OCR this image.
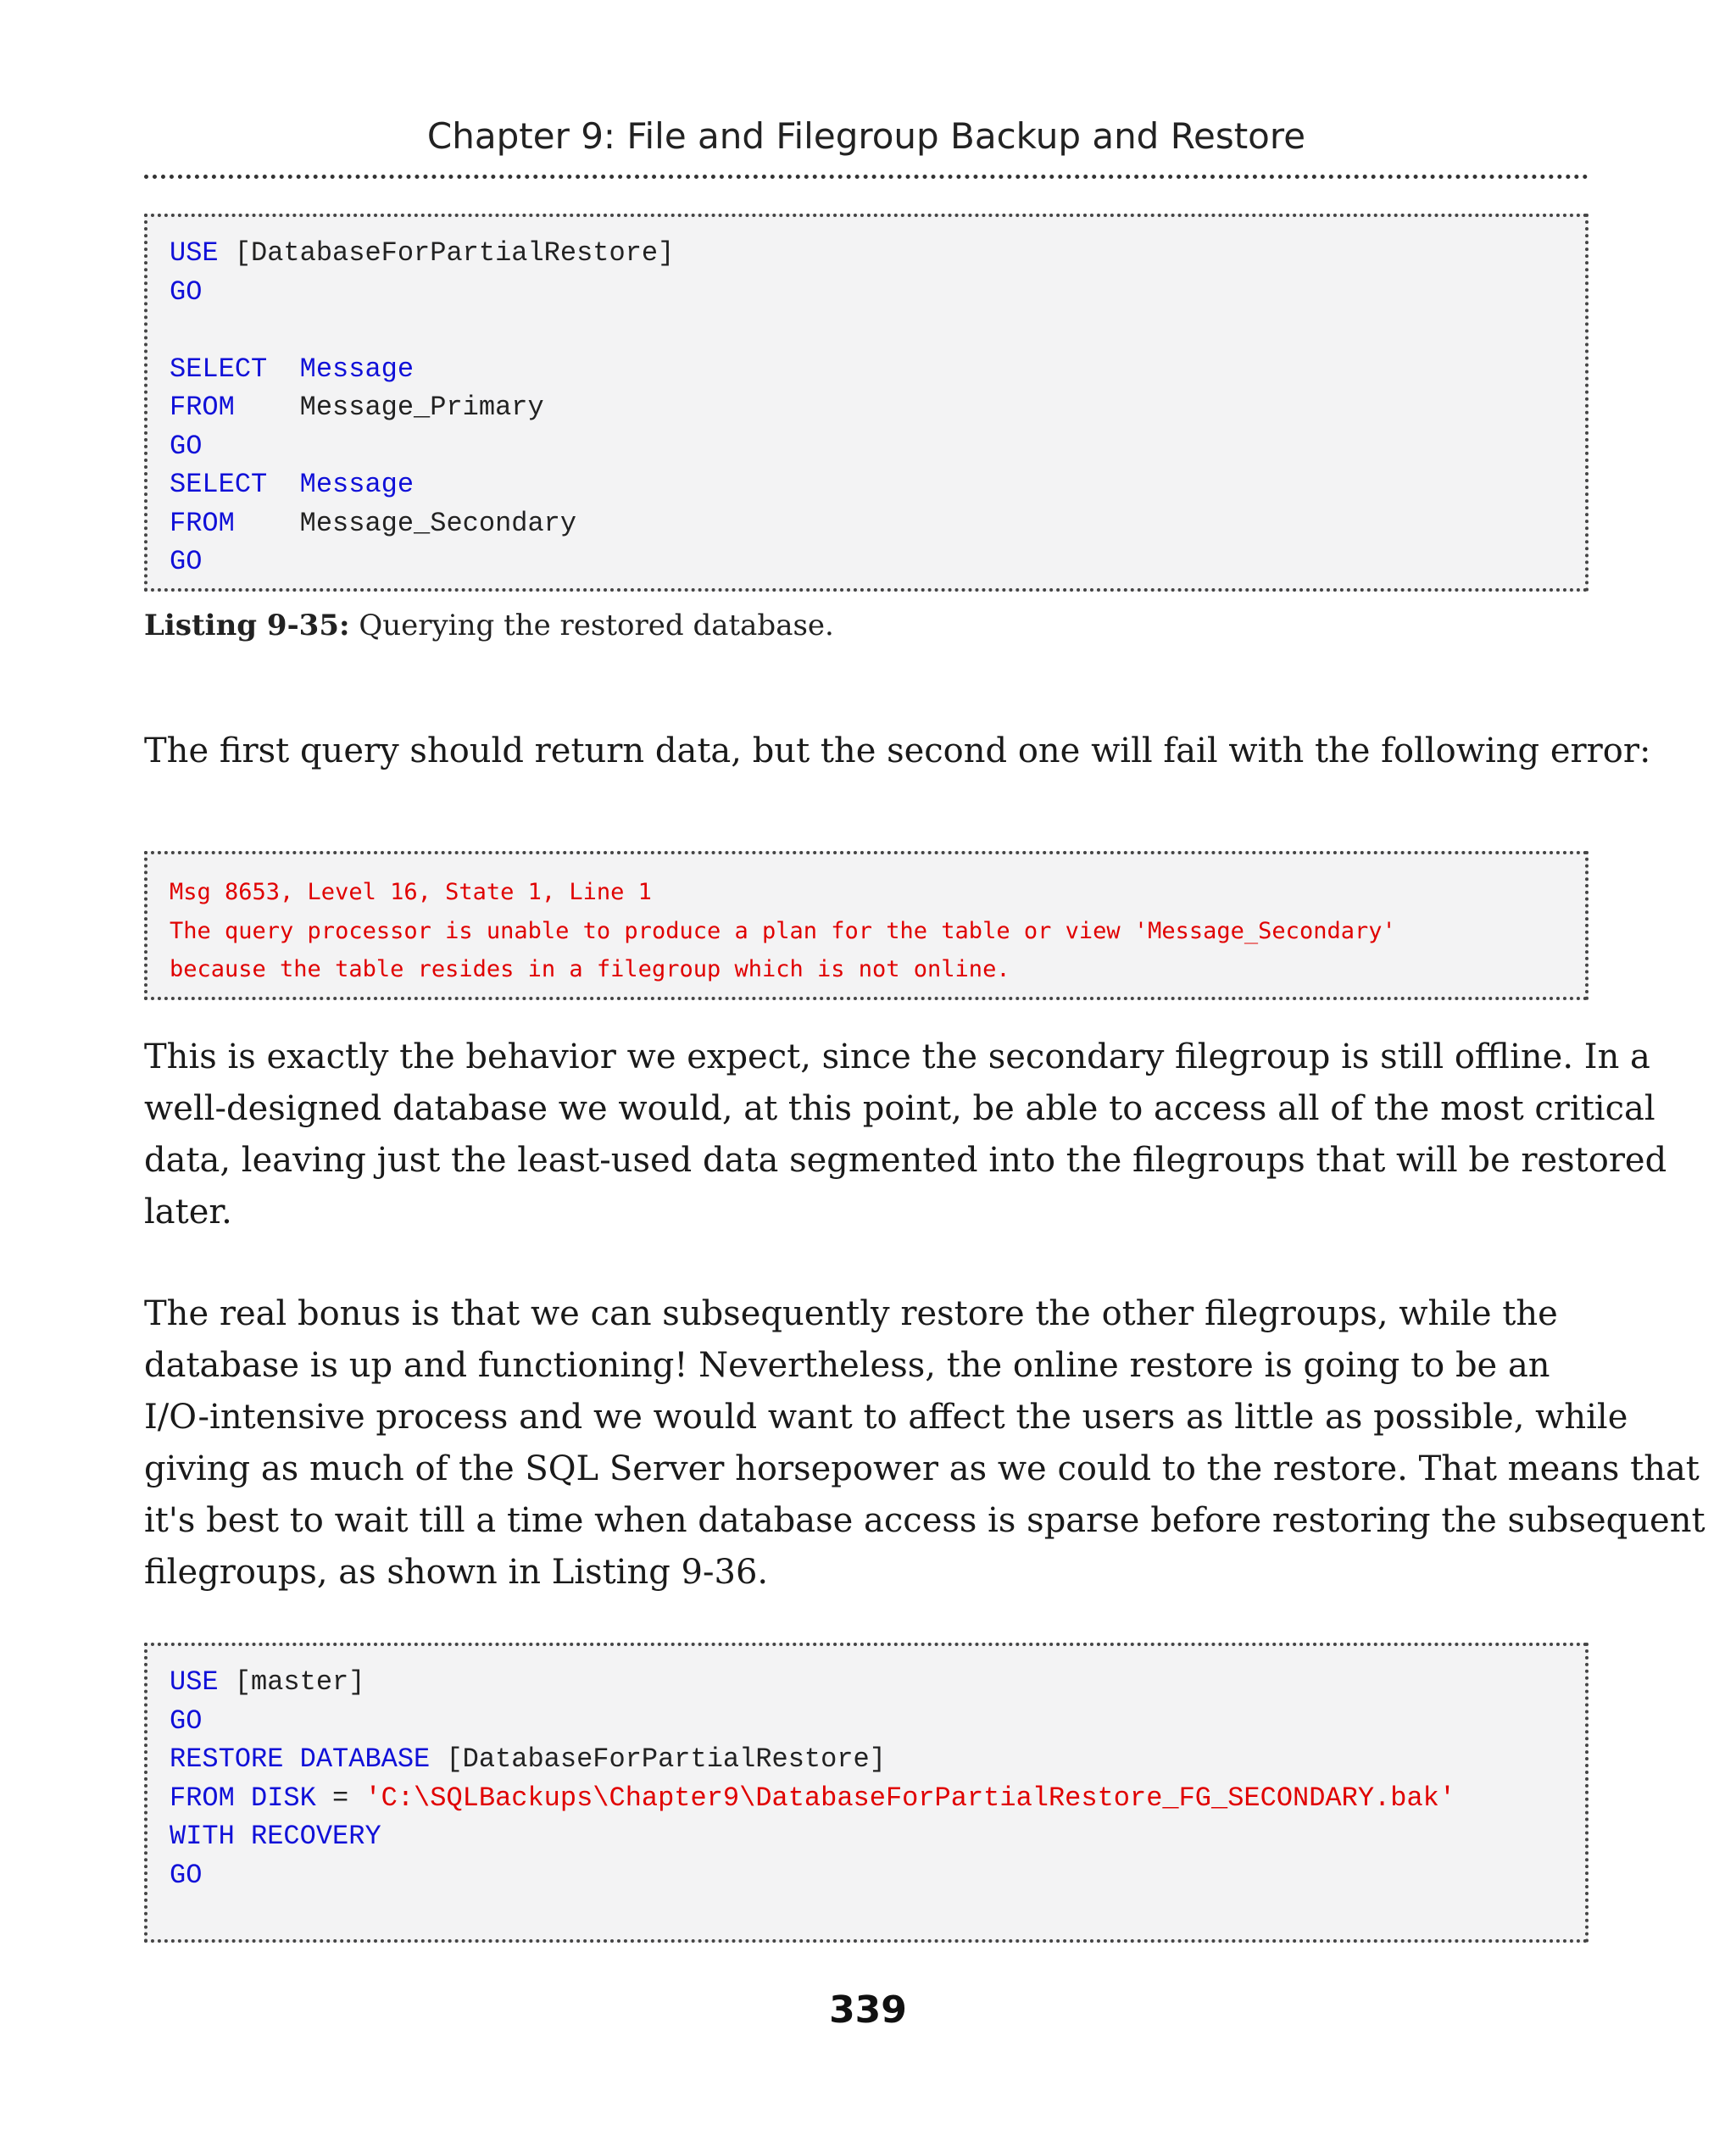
Chapter 9: File and Filegroup Backup and Restore
USE [DatabaseForPartialRestore]
GO
SELECT Message
FROM    Message_Primary
GO
SELECT Message
FROM    Message_Secondary
GO
Listing 9-35: Querying the restored database.
The first query should return data, but the second one will fail with the following error:
Msg 8653, Level 16, State 1, Line 1
The query processor is unable to produce a plan for the table or view 'Message_Secondary'
because the table resides in a filegroup which is not online.
This is exactly the behavior we expect, since the secondary filegroup is still offline. In a
well-designed database we would, at this point, be able to access all of the most critical
data, leaving just the least-used data segmented into the filegroups that will be restored
later.
The real bonus is that we can subsequently restore the other filegroups, while the
database is up and functioning! Nevertheless, the online restore is going to be an
I/O-intensive process and we would want to affect the users as little as possible, while
giving as much of the SQL Server horsepower as we could to the restore. That means that
it's best to wait till a time when database access is sparse before restoring the subsequent
filegroups, as shown in Listing 9-36.
USE [master]
GO
RESTORE DATABASE [DatabaseForPartialRestore]
FROM DISK = 'C:\SQLBackups\Chapter9\DatabaseForPartialRestore_FG_SECONDARY.bak'
WITH RECOVERY
GO
339
